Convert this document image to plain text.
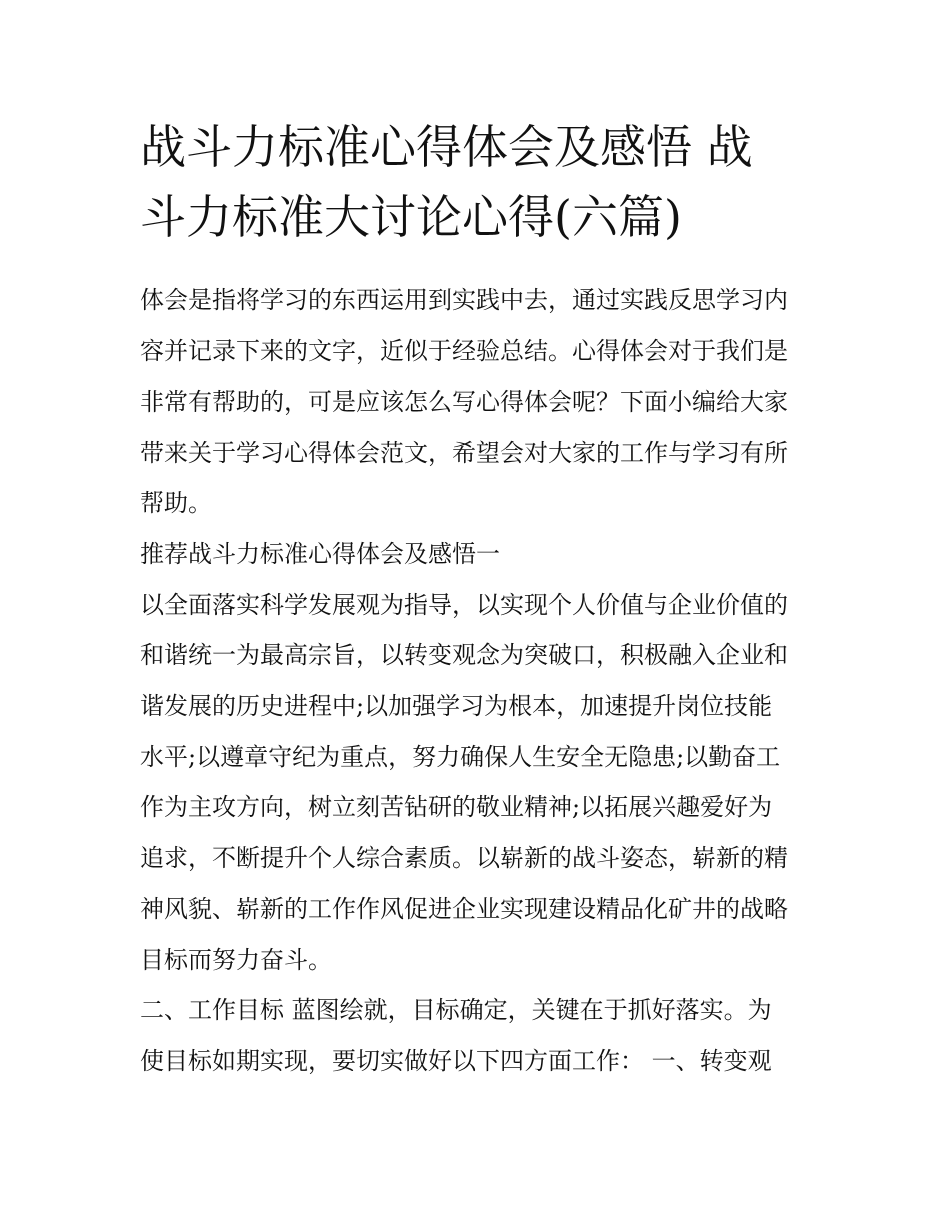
战斗力标准心得体会及感悟 战
斗力标准大讨论心得(六篇)

体会是指将学习的东西运用到实践中去，通过实践反思学习内

容并记录下来的文字，近似于经验总结。心得体会对于我们是

非常有帮助的，可是应该怎么写心得体会呢？下面小编给大家

带来关于学习心得体会范文，希望会对大家的工作与学习有所

帮助。

推荐战斗力标准心得体会及感悟一

以全面落实科学发展观为指导，以实现个人价值与企业价值的

和谐统一为最高宗旨，以转变观念为突破口，积极融入企业和

谐发展的历史进程中;以加强学习为根本，加速提升岗位技能

水平;以遵章守纪为重点，努力确保人生安全无隐患;以勤奋工

作为主攻方向，树立刻苦钻研的敬业精神;以拓展兴趣爱好为

追求，不断提升个人综合素质。以崭新的战斗姿态，崭新的精

神风貌、崭新的工作作风促进企业实现建设精品化矿井的战略

目标而努力奋斗。

二、工作目标 蓝图绘就，目标确定，关键在于抓好落实。为

使目标如期实现，要切实做好以下四方面工作： 一、转变观
